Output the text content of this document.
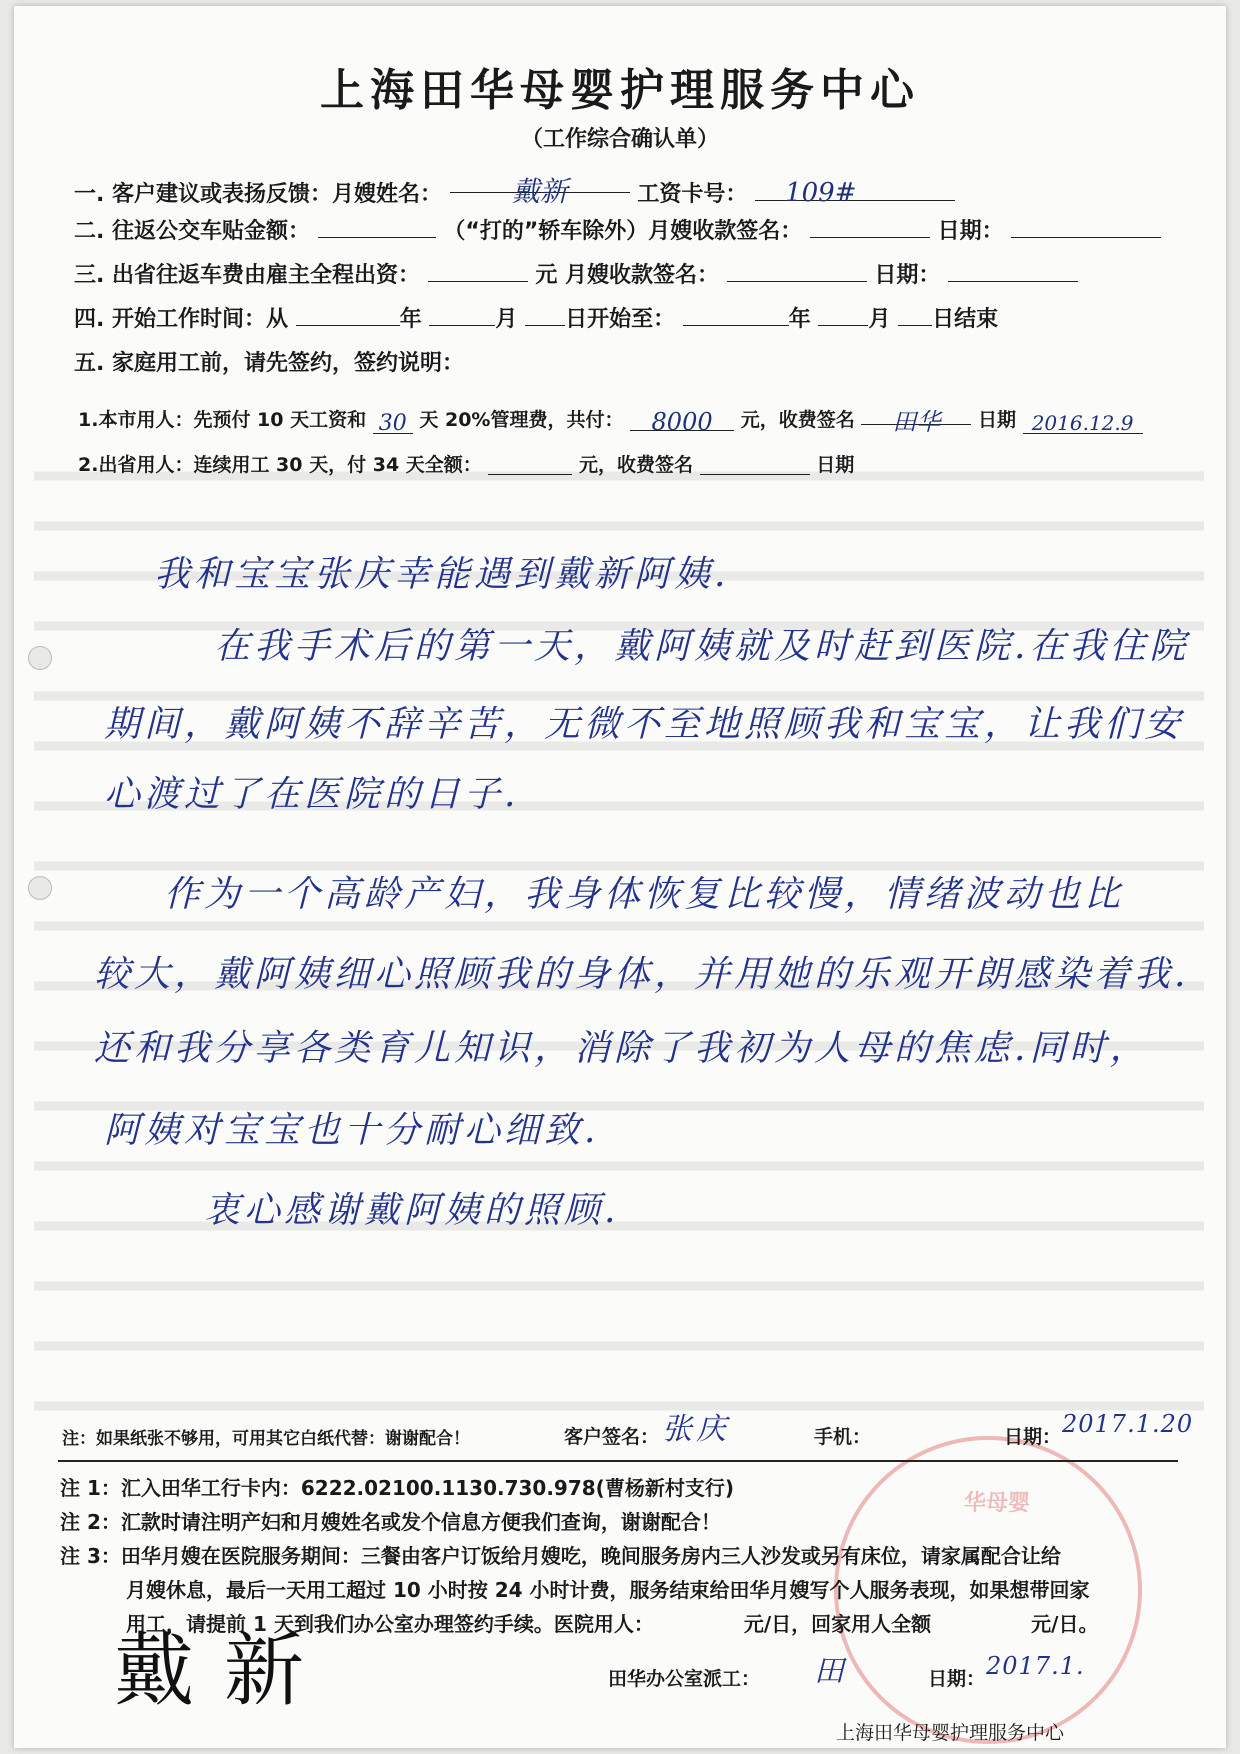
华母婴
上海田华母婴护理服务中心
（工作综合确认单）
一. 客户建议或表扬反馈：月嫂姓名： 戴新	工资卡号： 109#
二. 往返公交车贴金额：	（“打的”轿车除外）月嫂收款签名：	日期：
三. 出省往返车费由雇主全程出资：	元 月嫂收款签名：	日期：
四. 开始工作时间：从	年	月 日开始至：	年	月 日结束
五. 家庭用工前，请先签约，签约说明：
1.本市用人：先预付 10 天工资和 30 天 20%管理费，共付： 8000 元，收费签名 田华 日期 2016.12.9
2.出省用人：连续用工 30 天，付 34 天全额：	元，收费签名	日期
我和宝宝张庆幸能遇到戴新阿姨.
在我手术后的第一天，戴阿姨就及时赶到医院.在我住院
期间，戴阿姨不辞辛苦，无微不至地照顾我和宝宝，让我们安
心渡过了在医院的日子.
作为一个高龄产妇，我身体恢复比较慢，情绪波动也比
较大，戴阿姨细心照顾我的身体，并用她的乐观开朗感染着我.
还和我分享各类育儿知识，消除了我初为人母的焦虑.同时，
阿姨对宝宝也十分耐心细致.
衷心感谢戴阿姨的照顾.
注：如果纸张不够用，可用其它白纸代替：谢谢配合！	客户签名： 张庆	手机：	日期： 2017.1.20
注 1：汇入田华工行卡内：6222.02100.1130.730.978(曹杨新村支行)
注 2：汇款时请注明产妇和月嫂姓名或发个信息方便我们查询，谢谢配合！
注 3：田华月嫂在医院服务期间：三餐由客户订饭给月嫂吃，晚间服务房内三人沙发或另有床位，请家属配合让给
月嫂休息，最后一天用工超过 10 小时按 24 小时计费，服务结束给田华月嫂写个人服务表现，如果想带回家
用工，请提前 1 天到我们办公室办理签约手续。医院用人：　　　　　元/日，回家用人全额　　　　　元/日。
戴新	田华办公室派工： 田	日期： 2017.1.
上海田华母婴护理服务中心
